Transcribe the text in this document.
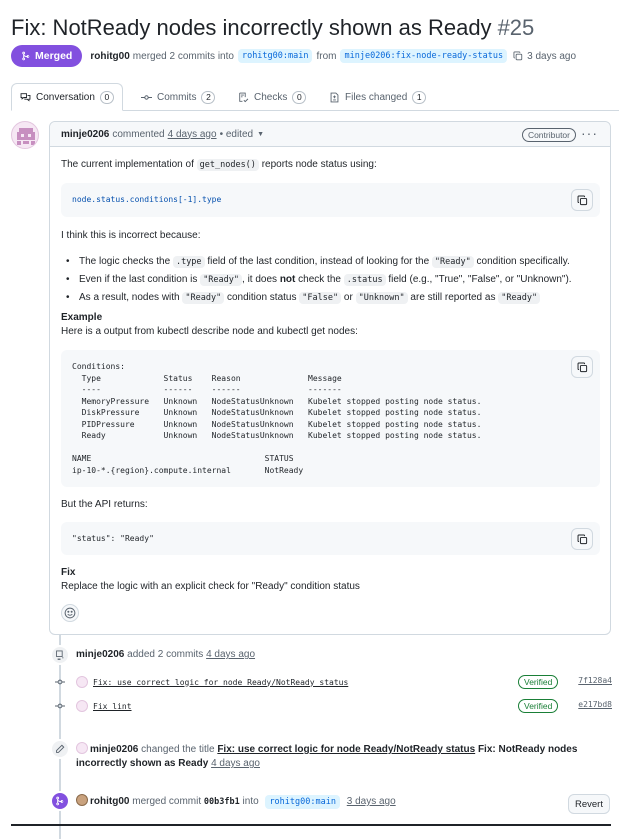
Fix: NotReady nodes incorrectly shown as Ready #25
Merged rohitg00 merged 2 commits into rohitg00:main from minje0206:fix-node-ready-status	3 days ago
Conversation	0	Commits	2	Checks	0	Files changed	1
minje0206 commented 4 days ago • edited ▼	Contributor ···
The current implementation of get_nodes() reports node status using:
node.status.conditions[-1].type
I think this is incorrect because:
• The logic checks the .type field of the last condition, instead of looking for the "Ready" condition specifically.
• Even if the last condition is "Ready" , it does not check the .status field (e.g., "True", "False", or "Unknown").
• As a result, nodes with "Ready" condition status "False" or "Unknown" are still reported as "Ready"
Example
Here is a output from kubectl describe node and kubectl get nodes:
Conditions:
Type             Status    Reason              Message
----             ------    ------              -------
MemoryPressure   Unknown   NodeStatusUnknown   Kubelet stopped posting node status.
DiskPressure     Unknown   NodeStatusUnknown   Kubelet stopped posting node status.
PIDPressure      Unknown   NodeStatusUnknown   Kubelet stopped posting node status.
Ready            Unknown   NodeStatusUnknown   Kubelet stopped posting node status.

NAME                                    STATUS
ip-10-*.{region}.compute.internal       NotReady
But the API returns:
"status": "Ready"
Fix
Replace the logic with an explicit check for "Ready" condition status
minje0206 added 2 commits 4 days ago
Fix: use correct logic for node Ready/NotReady status	Verified	7f128a4
Fix lint	Verified	e217bd8
minje0206 changed the title Fix: use correct logic for node Ready/NotReady status Fix: NotReady nodes incorrectly shown as Ready 4 days ago
rohitg00 merged commit 00b3fb1 into rohitg00:main 3 days ago	Revert
